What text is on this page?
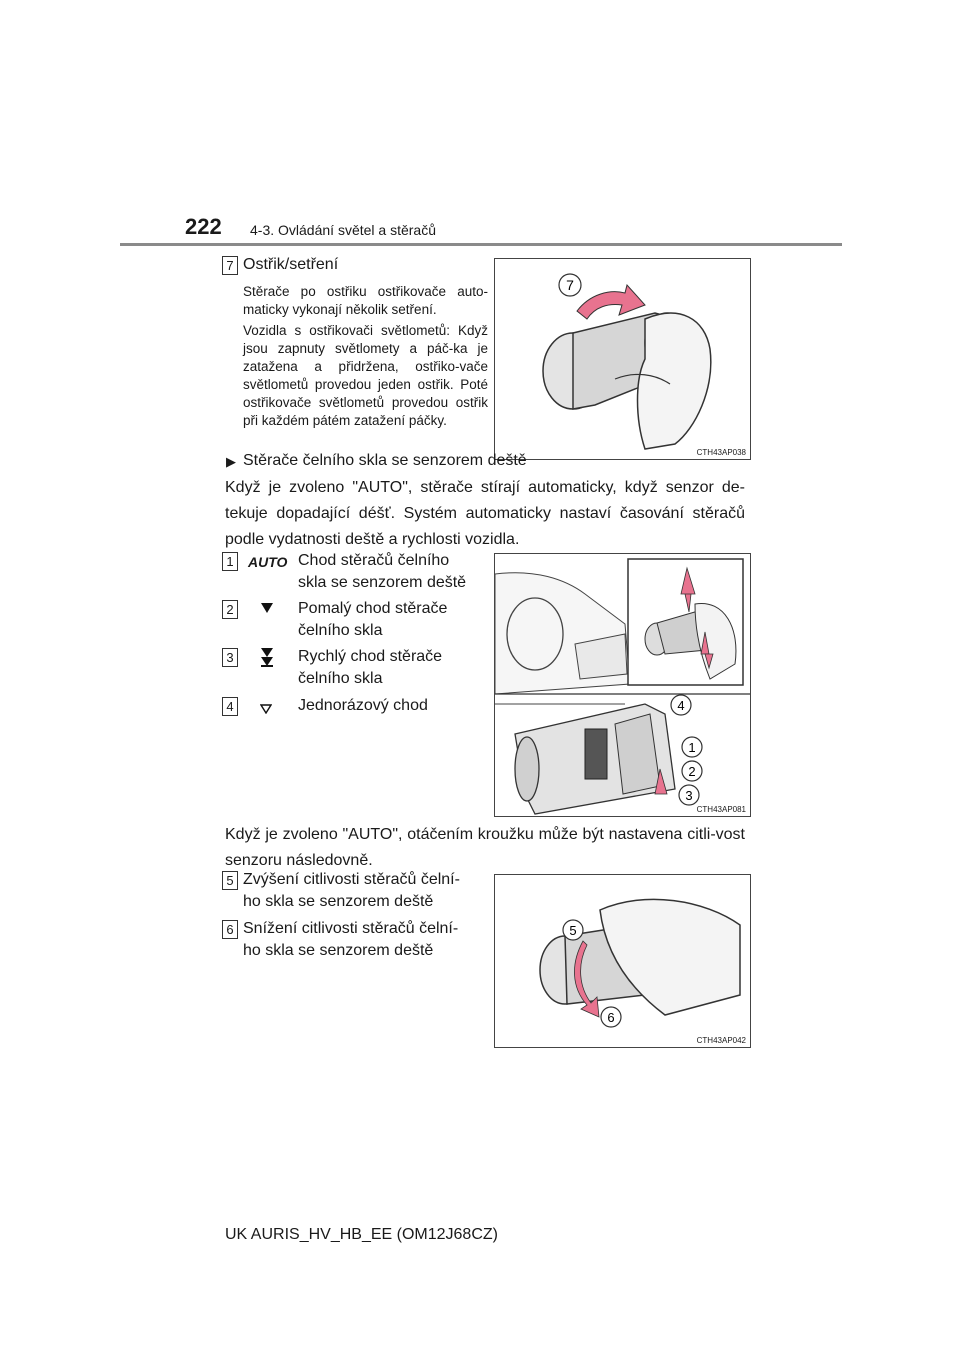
222 4-3. Ovládání světel a stěračů
7 Ostřik/setření
Stěrače po ostřiku ostřikovače auto-maticky vykonají několik setření.
Vozidla s ostřikovači světlometů: Když jsou zapnuty světlomety a páč-ka je zatažena a přidržena, ostřiko-vače světlometů provedou jeden ostřik. Poté ostřikovače světlometů provedou ostřik při každém pátém zatažení páčky.
7
CTH43AP038
▶ Stěrače čelního skla se senzorem deště
Když je zvoleno "AUTO", stěrače stírají automaticky, když senzor de-tekuje dopadající déšť. Systém automaticky nastaví časování stěračů podle vydatnosti deště a rychlosti vozidla.
1	AUTO Chod stěračů čelního
skla se senzorem deště
2	Pomalý chod stěrače
čelního skla
3	Rychlý chod stěrače
čelního skla
4	Jednorázový chod	4
1
2
3
CTH43AP081
Když je zvoleno "AUTO", otáčením kroužku může být nastavena citli-vost senzoru následovně.
5 Zvýšení citlivosti stěračů čelní-
ho skla se senzorem deště
6 Snížení citlivosti stěračů čelní-
ho skla se senzorem deště
5
6
CTH43AP042
UK AURIS_HV_HB_EE (OM12J68CZ)
